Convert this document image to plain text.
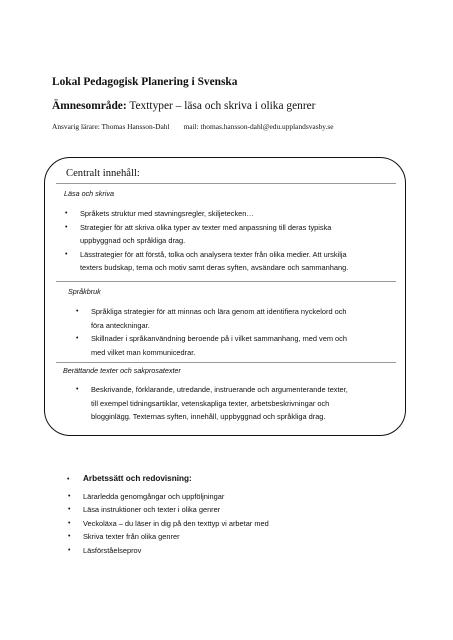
Lokal Pedagogisk Planering i Svenska
Ämnesområde: Texttyper – läsa och skriva i olika genrer
Ansvarig lärare: Thomas Hansson-Dahl mail: thomas.hansson-dahl@edu.upplandsvasby.se
Centralt innehåll:
Läsa och skriva
• Språkets struktur med stavningsregler, skiljetecken…
• Strategier för att skriva olika typer av texter med anpassning till deras typiska
uppbyggnad och språkliga drag.
• Lässtrategier för att förstå, tolka och analysera texter från olika medier. Att urskilja
texters budskap, tema och motiv samt deras syften, avsändare och sammanhang.
Språkbruk
• Språkliga strategier för att minnas och lära genom att identifiera nyckelord och
föra anteckningar.
• Skillnader i språkanvändning beroende på i vilket sammanhang, med vem och
med vilket man kommunicedrar.
Berättande texter och sakprosatexter
• Beskrivande, förklarande, utredande, instruerande och argumenterande texter,
till exempel tidningsartiklar, vetenskapliga texter, arbetsbeskrivningar och
blogginlägg. Texternas syften, innehåll, uppbyggnad och språkliga drag.
• Arbetssätt och redovisning:
• Lärarledda genomgångar och uppföljningar
• Läsa instruktioner och texter i olika genrer
• Veckoläxa – du läser in dig på den texttyp vi arbetar med
• Skriva texter från olika genrer
• Läsförståelseprov
